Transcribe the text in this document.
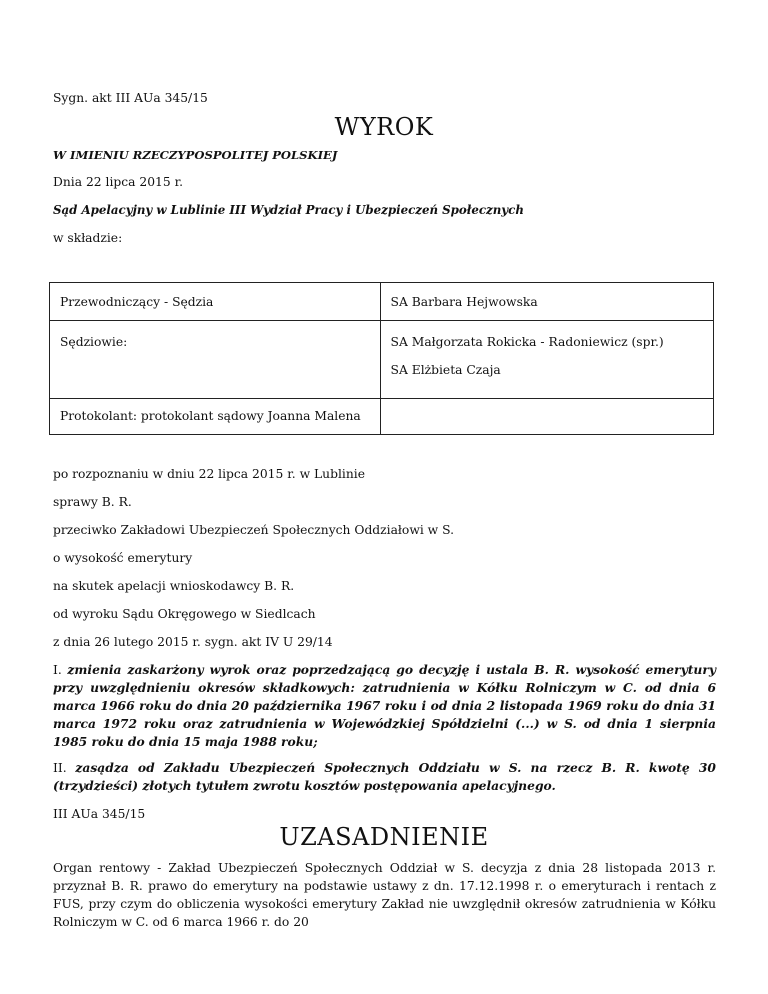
Sygn. akt III AUa 345/15
WYROK
W IMIENIU RZECZYPOSPOLITEJ POLSKIEJ
Dnia 22 lipca 2015 r.
Sąd Apelacyjny w Lublinie III Wydział Pracy i Ubezpieczeń Społecznych
w składzie:
Przewodniczący - Sędzia	SA Barbara Hejwowska

Sędziowie:	SA Małgorzata Rokicka - Radoniewicz (spr.)
SA Elżbieta Czaja

Protokolant: protokolant sądowy Joanna Malena	

po rozpoznaniu w dniu 22 lipca 2015 r. w Lublinie
sprawy B. R.
przeciwko Zakładowi Ubezpieczeń Społecznych Oddziałowi w S.
o wysokość emerytury
na skutek apelacji wnioskodawcy B. R.
od wyroku Sądu Okręgowego w Siedlcach
z dnia 26 lutego 2015 r. sygn. akt IV U 29/14
I. zmienia zaskarżony wyrok oraz poprzedzającą go decyzję i ustala B. R. wysokość emerytury przy uwzględnieniu okresów składkowych: zatrudnienia w Kółku Rolniczym w C. od dnia 6 marca 1966 roku do dnia 20 października 1967 roku i od dnia 2 listopada 1969 roku do dnia 31 marca 1972 roku oraz zatrudnienia w Wojewódzkiej Spółdzielni (...) w S. od dnia 1 sierpnia 1985 roku do dnia 15 maja 1988 roku;
II. zasądza od Zakładu Ubezpieczeń Społecznych Oddziału w S. na rzecz B. R. kwotę 30 (trzydzieści) złotych tytułem zwrotu kosztów postępowania apelacyjnego.
III AUa 345/15
UZASADNIENIE
Organ rentowy - Zakład Ubezpieczeń Społecznych Oddział w S. decyzja z dnia 28 listopada 2013 r. przyznał B. R. prawo do emerytury na podstawie ustawy z dn. 17.12.1998 r. o emeryturach i rentach z FUS, przy czym do obliczenia wysokości emerytury Zakład nie uwzględnił okresów zatrudnienia w Kółku Rolniczym w C. od 6 marca 1966 r. do 20
